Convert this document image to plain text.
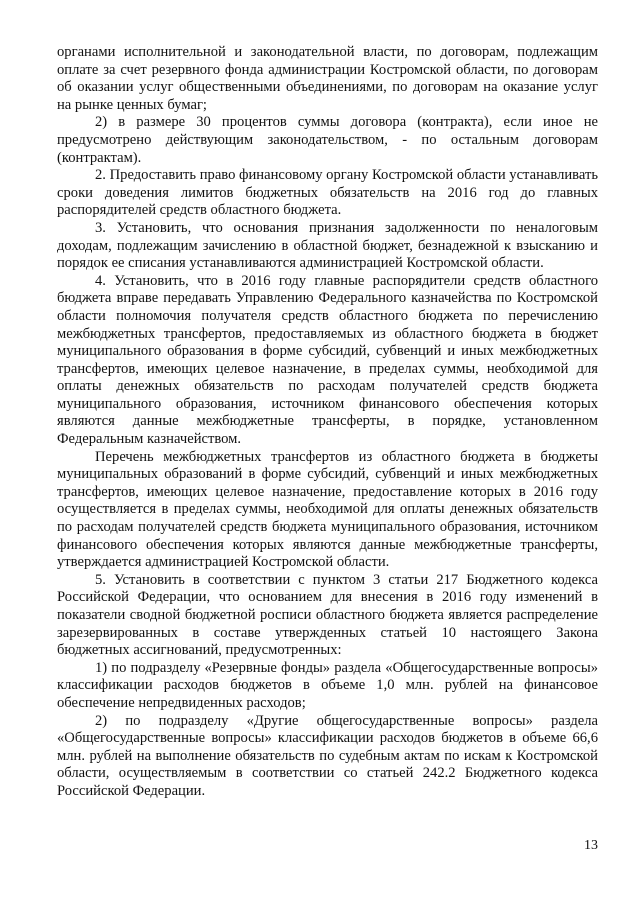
органами исполнительной и законодательной власти, по договорам, подлежащим оплате за счет резервного фонда администрации Костромской области, по договорам об оказании услуг общественными объединениями, по договорам на оказание услуг на рынке ценных бумаг;

2) в размере 30 процентов суммы договора (контракта), если иное не предусмотрено действующим законодательством, - по остальным договорам (контрактам).

2. Предоставить право финансовому органу Костромской области устанавливать сроки доведения лимитов бюджетных обязательств на 2016 год до главных распорядителей средств областного бюджета.

3. Установить, что основания признания задолженности по неналоговым доходам, подлежащим зачислению в областной бюджет, безнадежной к взысканию и порядок ее списания устанавливаются администрацией Костромской области.

4. Установить, что в 2016 году главные распорядители средств областного бюджета вправе передавать Управлению Федерального казначейства по Костромской области полномочия получателя средств областного бюджета по перечислению межбюджетных трансфертов, предоставляемых из областного бюджета в бюджет муниципального образования в форме субсидий, субвенций и иных межбюджетных трансфертов, имеющих целевое назначение, в пределах суммы, необходимой для оплаты денежных обязательств по расходам получателей средств бюджета муниципального образования, источником финансового обеспечения которых являются данные межбюджетные трансферты, в порядке, установленном Федеральным казначейством.

Перечень межбюджетных трансфертов из областного бюджета в бюджеты муниципальных образований в форме субсидий, субвенций и иных межбюджетных трансфертов, имеющих целевое назначение, предоставление которых в 2016 году осуществляется в пределах суммы, необходимой для оплаты денежных обязательств по расходам получателей средств бюджета муниципального образования, источником финансового обеспечения которых являются данные межбюджетные трансферты, утверждается администрацией Костромской области.

5. Установить в соответствии с пунктом 3 статьи 217 Бюджетного кодекса Российской Федерации, что основанием для внесения в 2016 году изменений в показатели сводной бюджетной росписи областного бюджета является распределение зарезервированных в составе утвержденных статьей 10 настоящего Закона бюджетных ассигнований, предусмотренных:

1) по подразделу «Резервные фонды» раздела «Общегосударственные вопросы» классификации расходов бюджетов в объеме 1,0 млн. рублей на финансовое обеспечение непредвиденных расходов;

2) по подразделу «Другие общегосударственные вопросы» раздела «Общегосударственные вопросы» классификации расходов бюджетов в объеме 66,6 млн. рублей на выполнение обязательств по судебным актам по искам к Костромской области, осуществляемым в соответствии со статьей 242.2 Бюджетного кодекса Российской Федерации.

13
